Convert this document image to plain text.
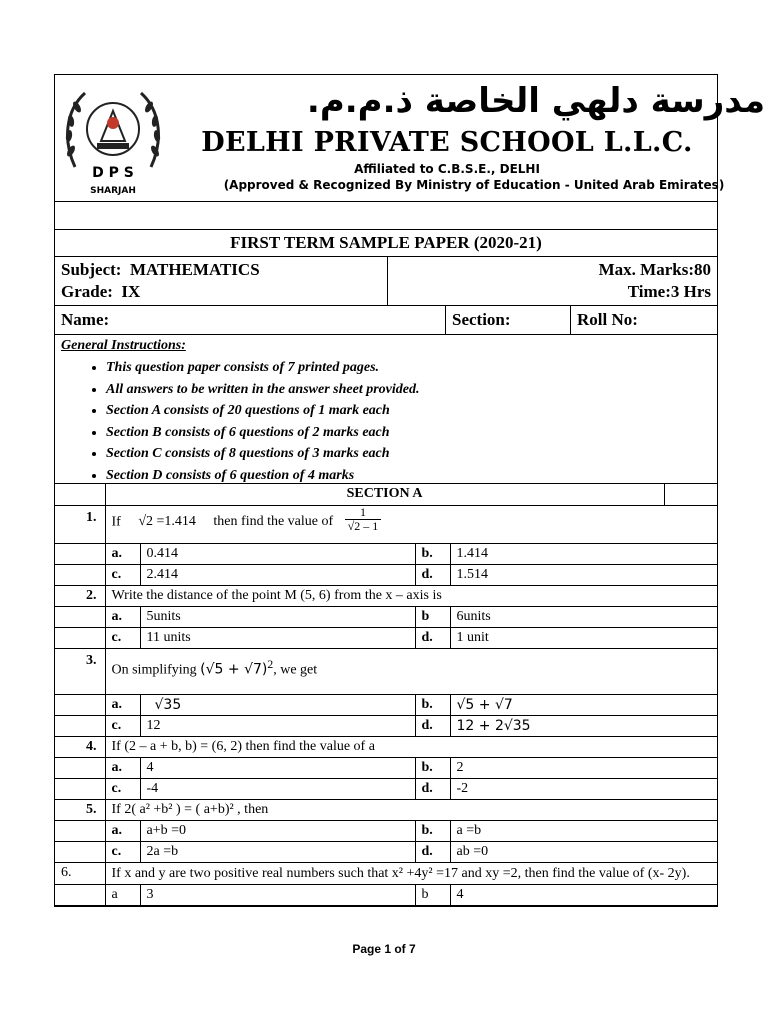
D P S
SHARJAH
مدرسة دلهي الخاصة ذ.م.م.
DELHI PRIVATE SCHOOL L.L.C.
Affiliated to C.B.S.E., DELHI
(Approved & Recognized By Ministry of Education - United Arab Emirates)
FIRST TERM SAMPLE PAPER (2020-21)
Subject:  MATHEMATICS
Grade:  IX
Max. Marks:80
Time:3 Hrs
Name:	Section:	Roll No:
General Instructions:
• This question paper consists of 7 printed pages.
• All answers to be written in the answer sheet provided.
• Section A consists of 20 questions of 1 mark each
• Section B consists of 6 questions of 2 marks each
• Section C consists of 8 questions of 3 marks each
• Section D consists of 6 question of 4 marks
	SECTION A				
1.	If √2 =1.414 then find the value of $\frac{1}{√2 - 1}$

	a.	0.414	b.	1.414	
	c.	2.414	d.	1.514	
2.	Write the distance of the point M (5, 6) from the x – axis is				
	a.	5units	b	6units	
	c.	11 units	d.	1 unit	
3.	On simplifying $(√5 + √7)^2$, we get				
	a.	√35	b.	√5 + √7	
	c.	12	d.	12 + 2√35	
4.	If (2 – a + b, b) = (6, 2) then find the value of a				
	a.	4	b.	2	
	c.	-4	d.	-2	
5.	If 2( a² +b² ) = ( a+b)² , then				
	a.	a+b =0	b.	a =b	
	c.	2a =b	d.	ab =0	
6.	If x and y are two positive real numbers such that x² +4y² =17 and xy =2, then find the value of (x- 2y).				
	a	3	b	4	
Page 1 of 7
